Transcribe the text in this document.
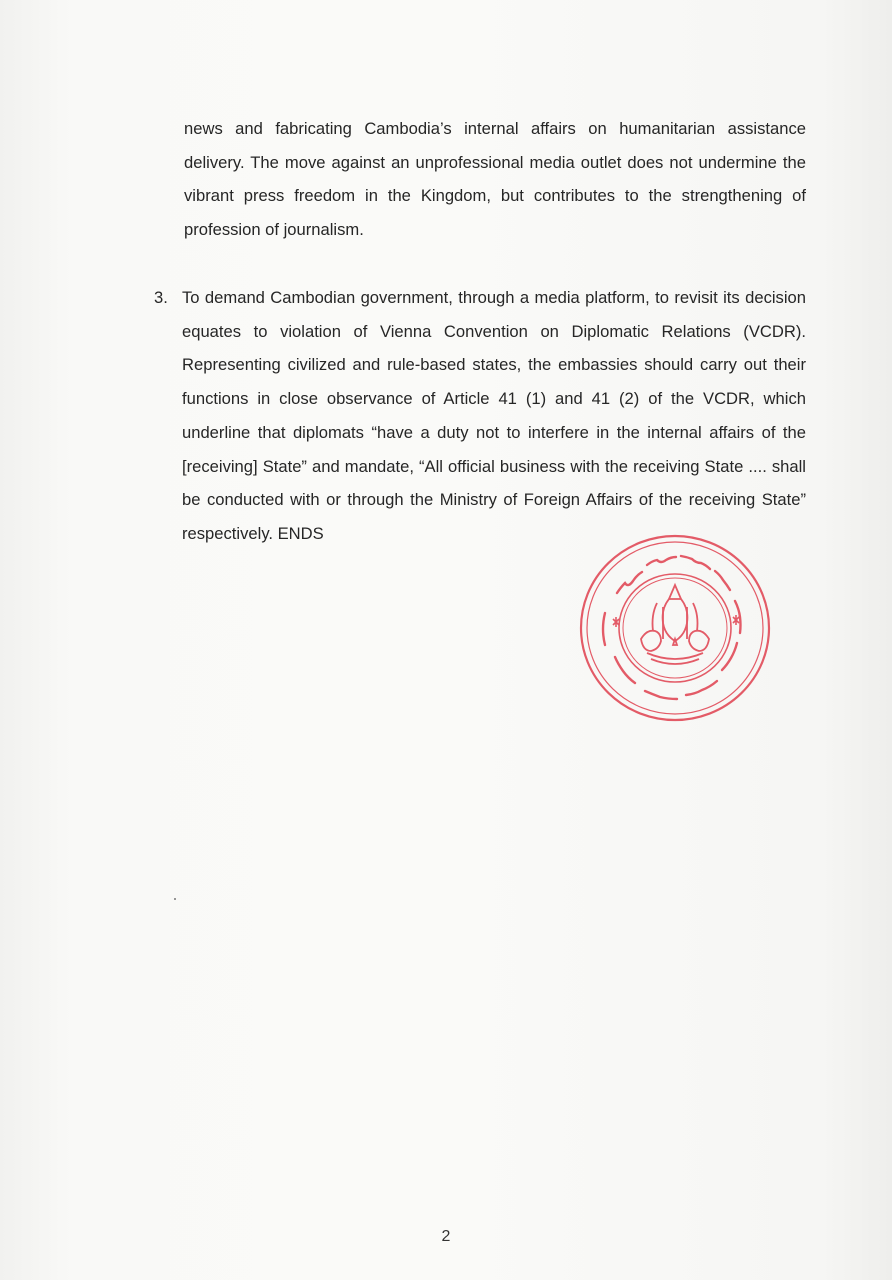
news and fabricating Cambodia’s internal affairs on humanitarian assistance delivery. The move against an unprofessional media outlet does not undermine the vibrant press freedom in the Kingdom, but contributes to the strengthening of profession of journalism.
3. To demand Cambodian government, through a media platform, to revisit its decision equates to violation of Vienna Convention on Diplomatic Relations (VCDR). Representing civilized and rule-based states, the embassies should carry out their functions in close observance of Article 41 (1) and 41 (2) of the VCDR, which underline that diplomats “have a duty not to interfere in the internal affairs of the [receiving] State” and mandate, “All official business with the receiving State .... shall be conducted with or through the Ministry of Foreign Affairs of the receiving State” respectively. ENDS
2
